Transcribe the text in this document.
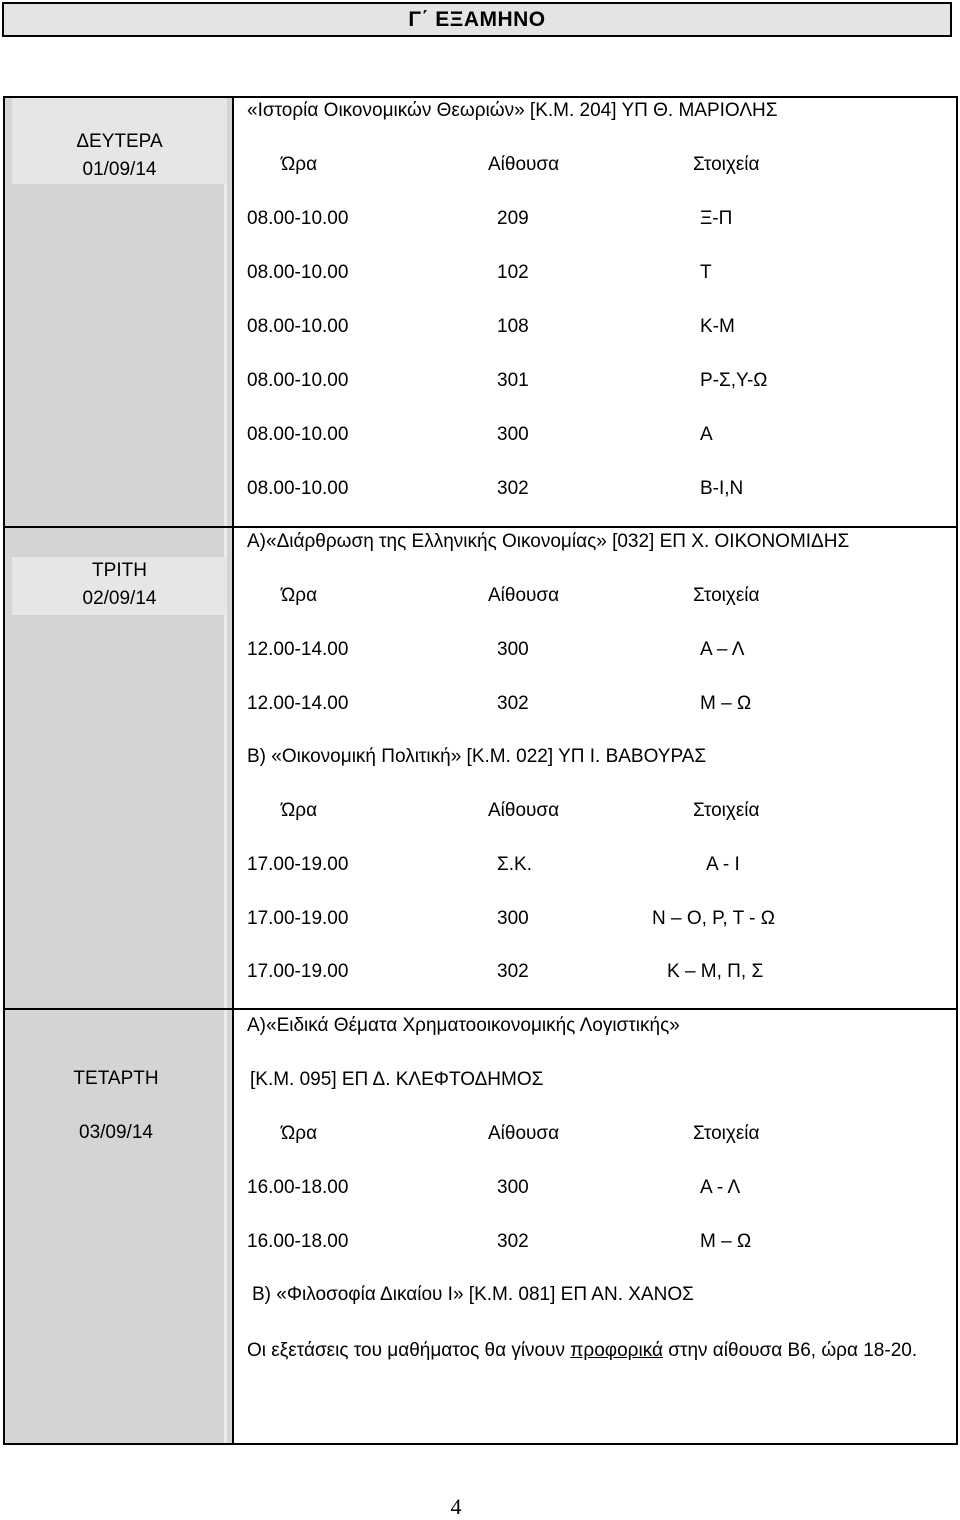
Γ΄ ΕΞΑΜΗΝΟ
ΔΕΥΤΕΡΑ
01/09/14
«Ιστορία Οικονομικών Θεωριών» [Κ.Μ. 204] ΥΠ Θ. ΜΑΡΙΟΛΗΣ
Ώρα	Αίθουσα	Στοιχεία
08.00-10.00	209	Ξ-Π
08.00-10.00	102	Τ
08.00-10.00	108	Κ-Μ
08.00-10.00	301	Ρ-Σ,Υ-Ω
08.00-10.00	300	Α
08.00-10.00	302	Β-Ι,Ν
ΤΡΙΤΗ
02/09/14
Α)«Διάρθρωση της Ελληνικής Οικονομίας» [032] ΕΠ Χ. ΟΙΚΟΝΟΜΙΔΗΣ
Ώρα	Αίθουσα	Στοιχεία
12.00-14.00	300	Α – Λ
12.00-14.00	302	Μ – Ω
Β) «Οικονομική Πολιτική» [Κ.Μ. 022] ΥΠ Ι. ΒΑΒΟΥΡΑΣ
Ώρα	Αίθουσα	Στοιχεία
17.00-19.00	Σ.Κ.	Α - Ι
17.00-19.00	300	Ν – Ο, Ρ, Τ - Ω
17.00-19.00	302	Κ – Μ, Π, Σ
ΤΕΤΑΡΤΗ
03/09/14
Α)«Ειδικά Θέματα Χρηματοοικονομικής Λογιστικής»
[Κ.Μ. 095] ΕΠ Δ. ΚΛΕΦΤΟΔΗΜΟΣ
Ώρα	Αίθουσα	Στοιχεία
16.00-18.00	300	Α - Λ
16.00-18.00	302	Μ – Ω
Β) «Φιλοσοφία Δικαίου Ι» [Κ.Μ. 081] ΕΠ ΑΝ. ΧΑΝΟΣ
Οι εξετάσεις του μαθήματος θα γίνουν προφορικά στην αίθουσα Β6, ώρα 18-20.
4
